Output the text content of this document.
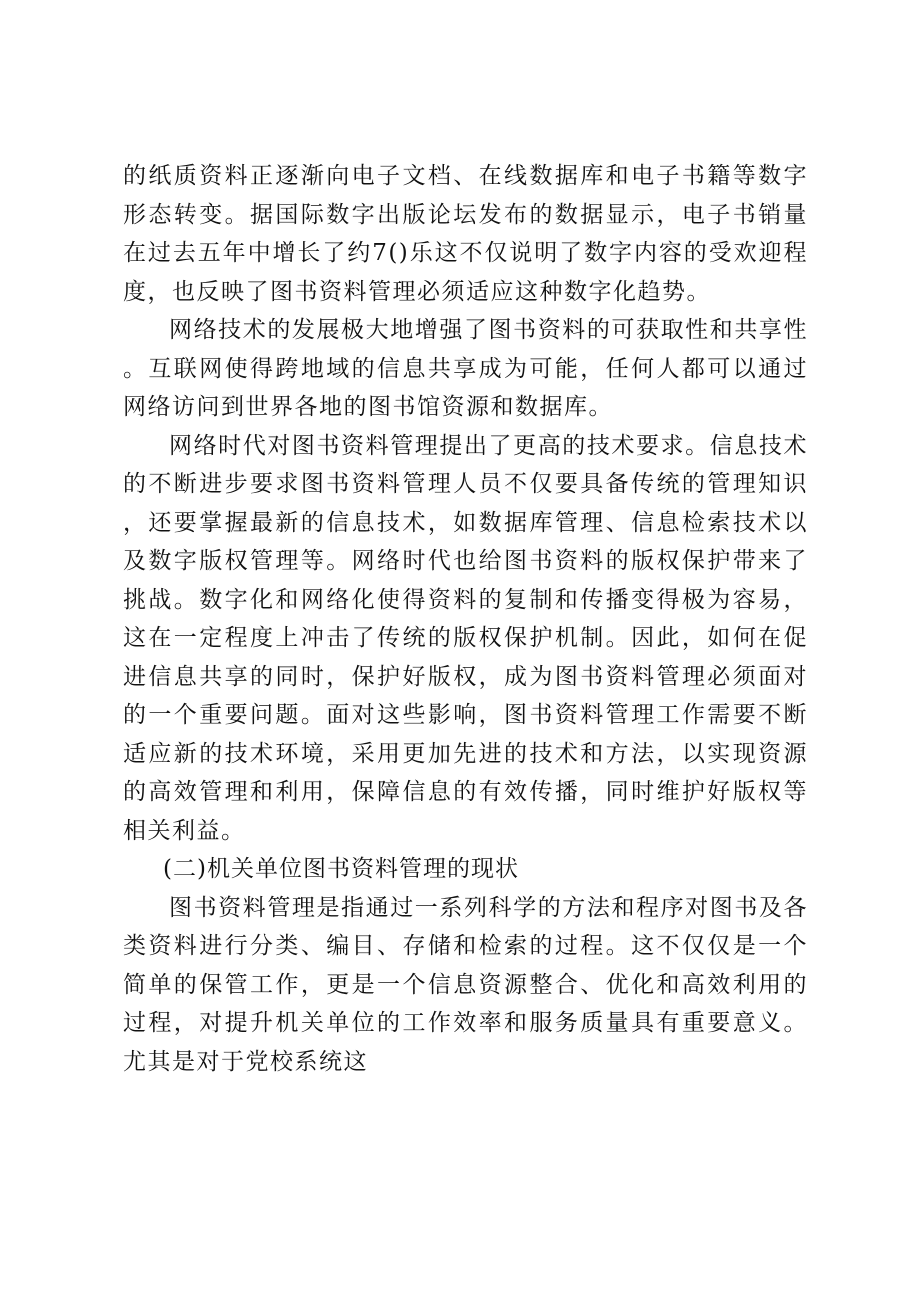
的纸质资料正逐渐向电子文档、在线数据库和电子书籍等数字形态转变。据国际数字出版论坛发布的数据显示，电子书销量在过去五年中增长了约7()乐这不仅说明了数字内容的受欢迎程度，也反映了图书资料管理必须适应这种数字化趋势。

网络技术的发展极大地增强了图书资料的可获取性和共享性。互联网使得跨地域的信息共享成为可能，任何人都可以通过网络访问到世界各地的图书馆资源和数据库。

网络时代对图书资料管理提出了更高的技术要求。信息技术的不断进步要求图书资料管理人员不仅要具备传统的管理知识，还要掌握最新的信息技术，如数据库管理、信息检索技术以及数字版权管理等。网络时代也给图书资料的版权保护带来了挑战。数字化和网络化使得资料的复制和传播变得极为容易，这在一定程度上冲击了传统的版权保护机制。因此，如何在促进信息共享的同时，保护好版权，成为图书资料管理必须面对的一个重要问题。面对这些影响，图书资料管理工作需要不断适应新的技术环境，采用更加先进的技术和方法，以实现资源的高效管理和利用，保障信息的有效传播，同时维护好版权等相关利益。

(二)机关单位图书资料管理的现状

图书资料管理是指通过一系列科学的方法和程序对图书及各类资料进行分类、编目、存储和检索的过程。这不仅仅是一个简单的保管工作，更是一个信息资源整合、优化和高效利用的过程，对提升机关单位的工作效率和服务质量具有重要意义。尤其是对于党校系统这
